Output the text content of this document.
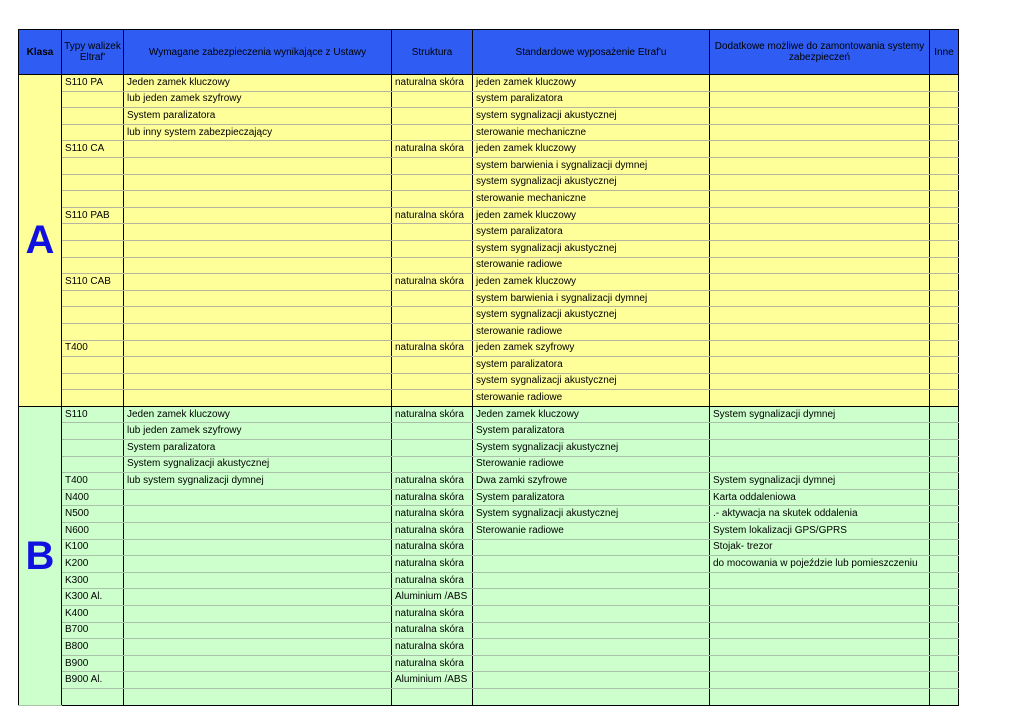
Klasa	Typy walizek Eltraf'	Wymagane zabezpieczenia wynikające z Ustawy	Struktura	Standardowe wyposażenie Etraf'u	Dodatkowe możliwe do zamontowania systemy zabezpieczeń	Inne
A	S110 PA	Jeden zamek kluczowy	naturalna skóra	jeden zamek kluczowy		
		lub jeden zamek szyfrowy		system paralizatora		
		System paralizatora		system sygnalizacji akustycznej		
		lub inny system zabezpieczający		sterowanie mechaniczne		
	S110 CA		naturalna skóra	jeden zamek kluczowy		
				system barwienia i sygnalizacji dymnej		
				system sygnalizacji akustycznej		
				sterowanie mechaniczne		
	S110 PAB		naturalna skóra	jeden zamek kluczowy		
				system paralizatora		
				system sygnalizacji akustycznej		
				sterowanie radiowe		
	S110 CAB		naturalna skóra	jeden zamek kluczowy		
				system barwienia i sygnalizacji dymnej		
				system sygnalizacji akustycznej		
				sterowanie radiowe		
	T400		naturalna skóra	jeden zamek szyfrowy		
				system paralizatora		
				system sygnalizacji akustycznej		
				sterowanie radiowe		
B	S110	Jeden zamek kluczowy	naturalna skóra	Jeden zamek kluczowy	System sygnalizacji dymnej	
		lub jeden zamek szyfrowy		System paralizatora		
		System paralizatora		System sygnalizacji akustycznej		
		System sygnalizacji akustycznej		Sterowanie radiowe		
	T400	lub system sygnalizacji dymnej	naturalna skóra	Dwa zamki szyfrowe	System sygnalizacji dymnej	
	N400		naturalna skóra	System paralizatora	Karta oddaleniowa	
	N500		naturalna skóra	System sygnalizacji akustycznej	.- aktywacja na skutek oddalenia	
	N600		naturalna skóra	Sterowanie radiowe	System lokalizacji GPS/GPRS	
	K100		naturalna skóra		Stojak- trezor	
	K200		naturalna skóra		do mocowania w pojeździe lub pomieszczeniu	
	K300		naturalna skóra			
	K300 Al.		Aluminium /ABS			
	K400		naturalna skóra			
	B700		naturalna skóra			
	B800		naturalna skóra			
	B900		naturalna skóra			
	B900 Al.		Aluminium /ABS			
